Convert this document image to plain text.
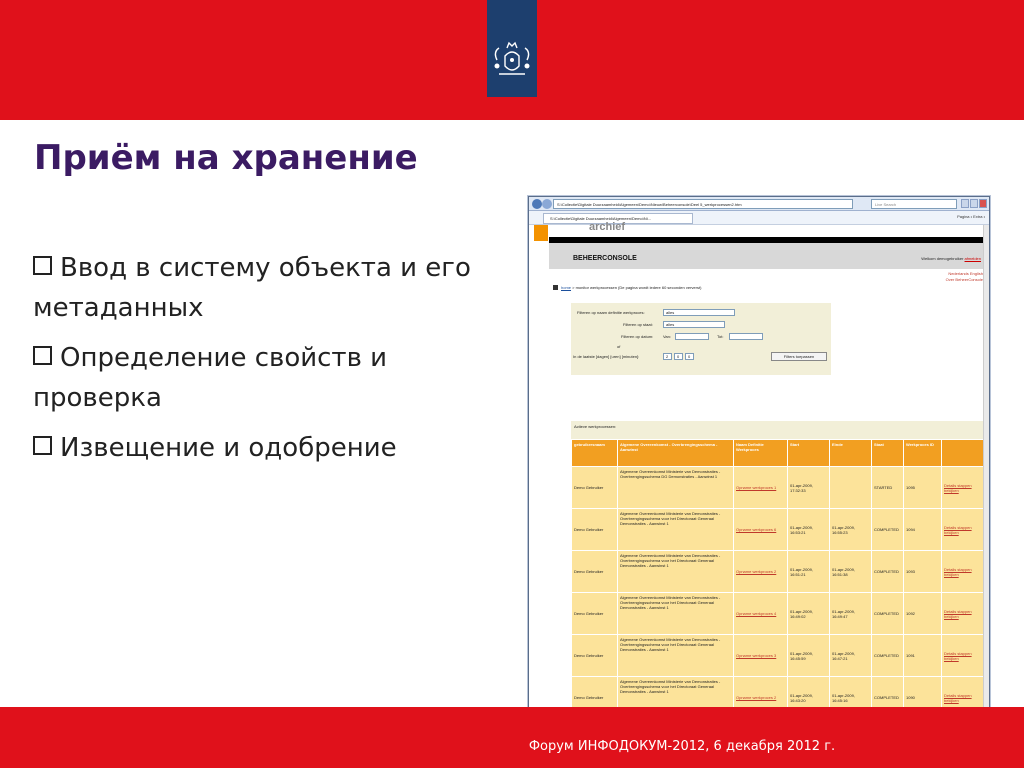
Приём на хранение
Ввод в систему объекта и его метаданных
Определение свойств и проверка
Извещение и одобрение
S:\Collectie\Digitale Duurzaamheid\Algemeen\Demo\Nieuw\Beheerconsole\Deel 5_werkprocessen2.htm	Live Search
S:\Collectie\Digitale Duurzaamheid\Algemeen\Demo\Ni...	Pagina • Extra •
archief
BEHEERCONSOLE	Welkom demogebruiker afmelden
Nederlands English
Over BeheerConsole
home > monitor werkprocessen (De pagina wordt iedere 60 seconden ververst)
Filteren op naam definitie werkproces:	alles
Filteren op staat:	alles
Filteren op datum: Van:	Tot:
of
In de laatste [dagen] [uren] [minuten]:	2	0	0	Filters toepassen
Actieve werkprocessen:
gebruikersnaam	Algemene Overeenkomst - Overbrengingsschema - Aanwinst	Naam Definitie Werkproces	Start	Einde	Staat	Werkproces ID	
Demo Gebruiker	Algemene Overeenkomst Ministerie van Demonstraties - Overbrengingsschema DG Demonstraties - Aanwinst 1	Opname werkproces 1	01-apr-2009, 17:32:33		STARTED	1095	Details stappen bekijken
Demo Gebruiker	Algemene Overeenkomst Ministerie van Demonstraties - Overbrengingsschema voor het Directoraat Generaal Demonstraties - Aanwinst 1	Opname werkproces 6	01-apr-2009, 16:53:21	01-apr-2009, 16:55:23	COMPLETED	1094	Details stappen bekijken
Demo Gebruiker	Algemene Overeenkomst Ministerie van Demonstraties - Overbrengingsschema voor het Directoraat Generaal Demonstraties - Aanwinst 1	Opname werkproces 2	01-apr-2009, 16:51:21	01-apr-2009, 16:51:38	COMPLETED	1093	Details stappen bekijken
Demo Gebruiker	Algemene Overeenkomst Ministerie van Demonstraties - Overbrengingsschema voor het Directoraat Generaal Demonstraties - Aanwinst 1	Opname werkproces 4	01-apr-2009, 16:49:02	01-apr-2009, 16:49:47	COMPLETED	1092	Details stappen bekijken
Demo Gebruiker	Algemene Overeenkomst Ministerie van Demonstraties - Overbrengingsschema voor het Directoraat Generaal Demonstraties - Aanwinst 1	Opname werkproces 3	01-apr-2009, 16:45:59	01-apr-2009, 16:47:21	COMPLETED	1091	Details stappen bekijken
Demo Gebruiker	Algemene Overeenkomst Ministerie van Demonstraties - Overbrengingsschema voor het Directoraat Generaal Demonstraties - Aanwinst 1	Opname werkproces 2	01-apr-2009, 16:43:20	01-apr-2009, 16:45:16	COMPLETED	1090	Details stappen bekijken

Форум ИНФОДОКУМ-2012, 6 декабря 2012 г.
